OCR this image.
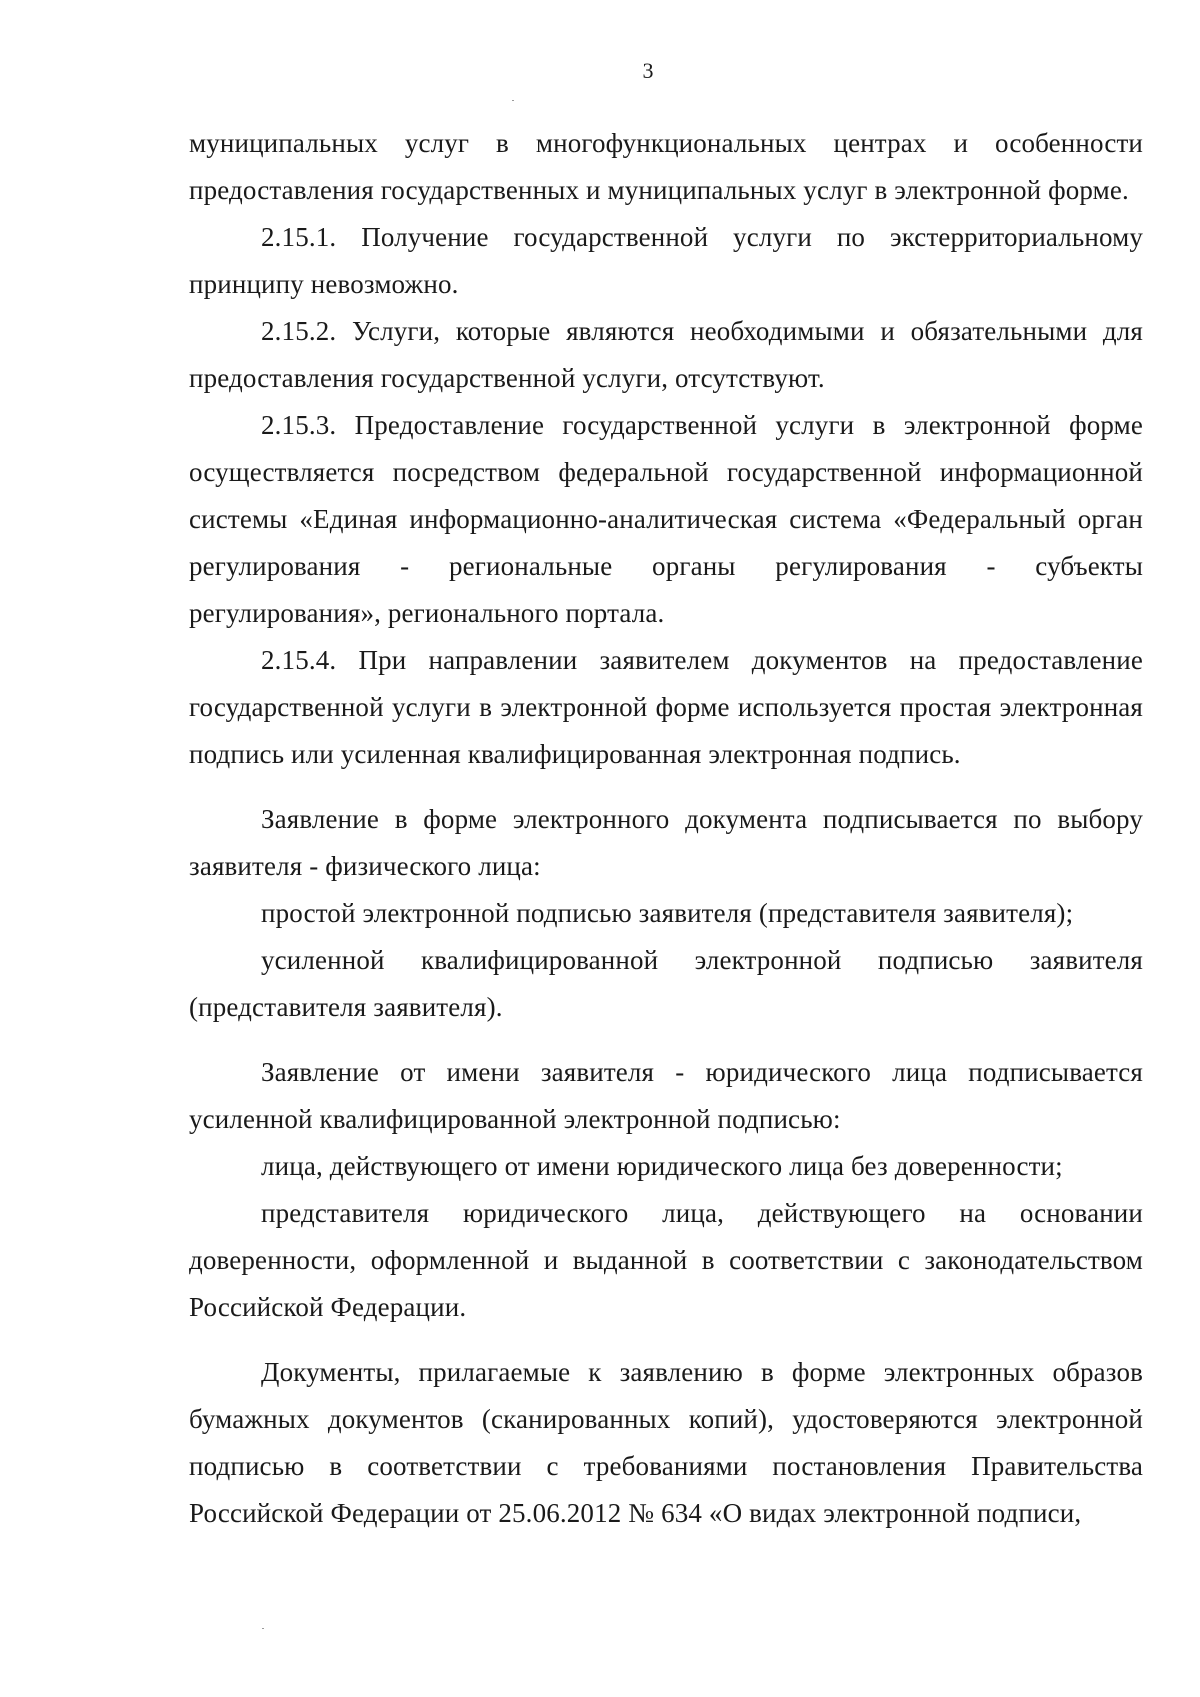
3

муниципальных услуг в многофункциональных центрах и особенности предоставления государственных и муниципальных услуг в электронной форме.

2.15.1. Получение государственной услуги по экстерриториальному принципу невозможно.

2.15.2. Услуги, которые являются необходимыми и обязательными для предоставления государственной услуги, отсутствуют.

2.15.3. Предоставление государственной услуги в электронной форме осуществляется посредством федеральной государственной информационной системы «Единая информационно-аналитическая система «Федеральный орган регулирования - региональные органы регулирования - субъекты регулирования», регионального портала.

2.15.4. При направлении заявителем документов на предоставление государственной услуги в электронной форме используется простая электронная подпись или усиленная квалифицированная электронная подпись.

Заявление в форме электронного документа подписывается по выбору заявителя - физического лица:

простой электронной подписью заявителя (представителя заявителя);

усиленной квалифицированной электронной подписью заявителя (представителя заявителя).

Заявление от имени заявителя - юридического лица подписывается усиленной квалифицированной электронной подписью:

лица, действующего от имени юридического лица без доверенности;

представителя юридического лица, действующего на основании доверенности, оформленной и выданной в соответствии с законодательством Российской Федерации.

Документы, прилагаемые к заявлению в форме электронных образов бумажных документов (сканированных копий), удостоверяются электронной подписью в соответствии с требованиями постановления Правительства Российской Федерации от 25.06.2012 № 634 «О видах электронной подписи,
